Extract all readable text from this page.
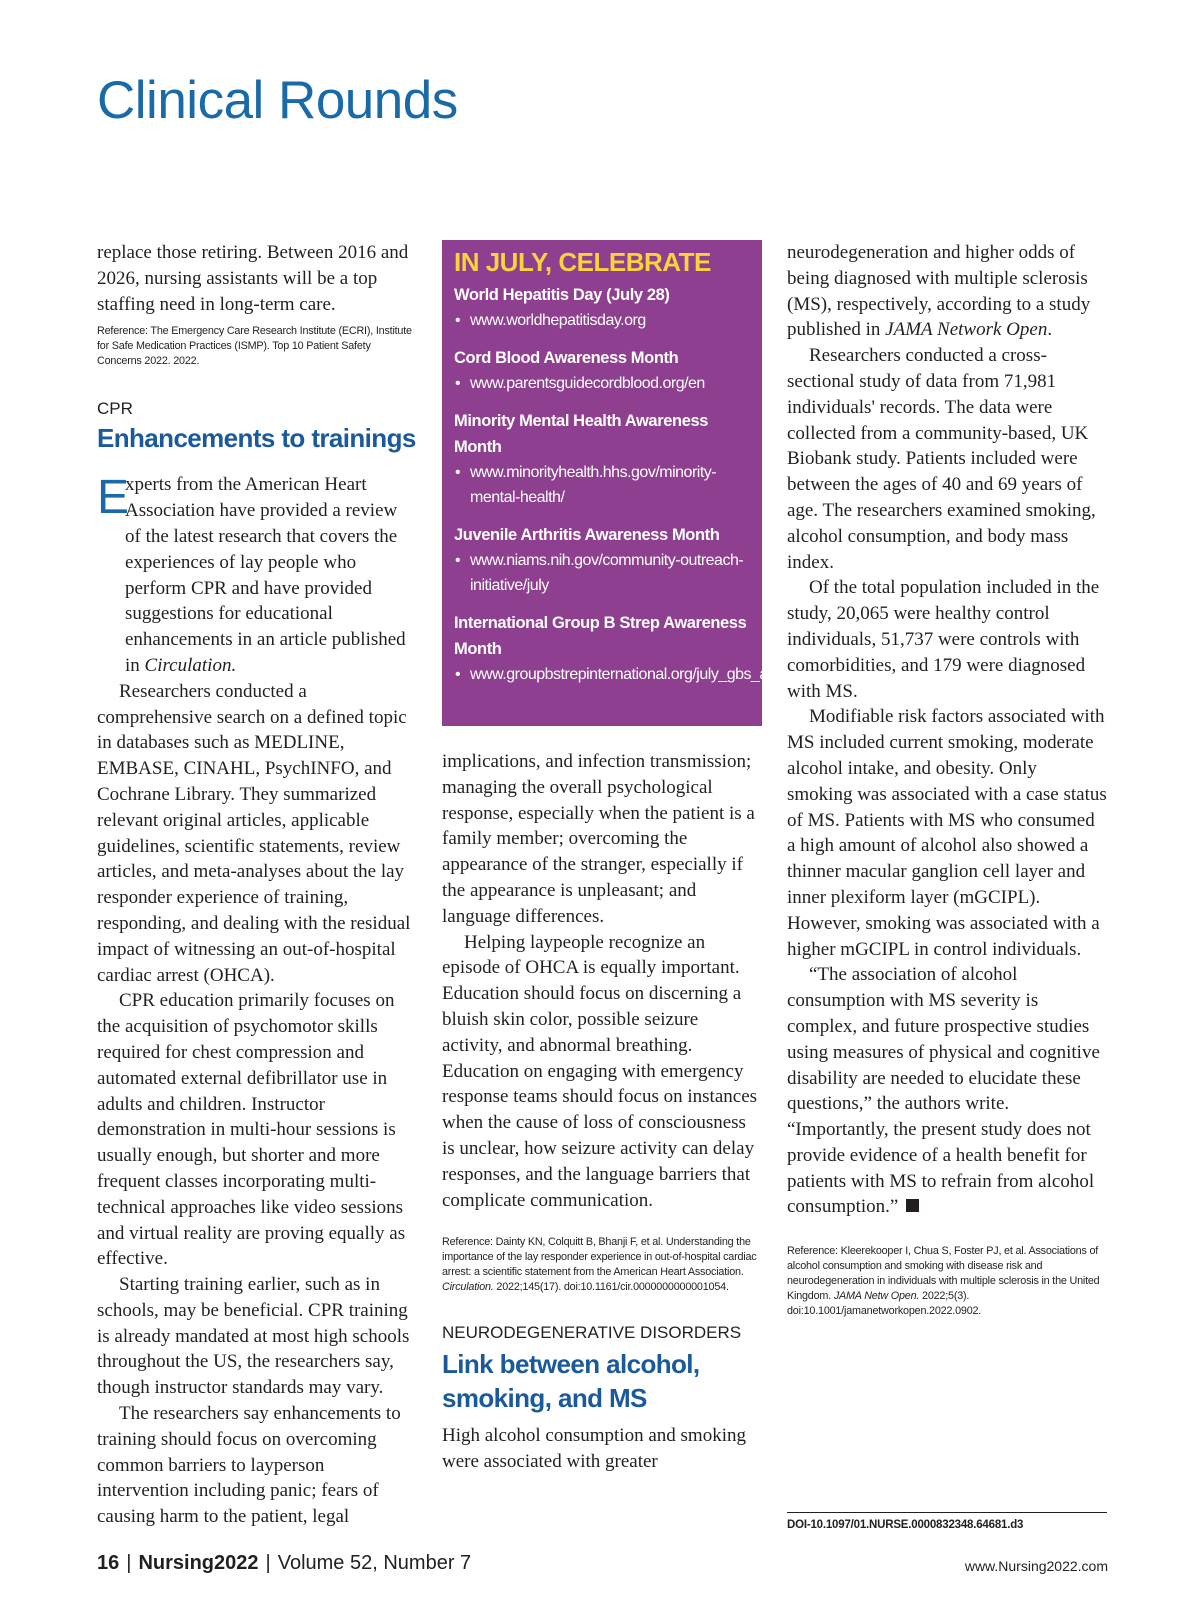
Clinical Rounds

replace those retiring. Between 2016 and 2026, nursing assistants will be a top staffing need in long-term care.

Reference: The Emergency Care Research Institute (ECRI), Institute for Safe Medication Practices (ISMP). Top 10 Patient Safety Concerns 2022. 2022.

CPR

Enhancements to trainings

E
xperts from the American Heart Association have provided a review of the latest research that covers the experiences of lay people who perform CPR and have provided suggestions for educational enhancements in an article published in Circulation.

Researchers conducted a comprehensive search on a defined topic in databases such as MEDLINE, EMBASE, CINAHL, PsychINFO, and Cochrane Library. They summarized relevant original articles, applicable guidelines, scientific statements, review articles, and meta-analyses about the lay responder experience of training, responding, and dealing with the residual impact of witnessing an out-of-hospital cardiac arrest (OHCA).

CPR education primarily focuses on the acquisition of psychomotor skills required for chest compression and automated external defibrillator use in adults and children. Instructor demonstration in multi-hour sessions is usually enough, but shorter and more frequent classes incorporating multi-technical approaches like video sessions and virtual reality are proving equally as effective.

Starting training earlier, such as in schools, may be beneficial. CPR training is already mandated at most high schools throughout the US, the researchers say, though instructor standards may vary.

The researchers say enhancements to training should focus on overcoming common barriers to layperson intervention including panic; fears of causing harm to the patient, legal

IN JULY, CELEBRATE

World Hepatitis Day (July 28)

• www.worldhepatitisday.org

Cord Blood Awareness Month

• www.parentsguidecordblood.org/en

Minority Mental Health Awareness Month

• www.minorityhealth.hhs.gov/minority-mental-health/

Juvenile Arthritis Awareness Month

• www.niams.nih.gov/community-outreach-initiative/july

International Group B Strep Awareness Month

• www.groupbstrepinternational.org/july_gbs_awareness_month.html

implications, and infection transmission; managing the overall psychological response, especially when the patient is a family member; overcoming the appearance of the stranger, especially if the appearance is unpleasant; and language differences.

Helping laypeople recognize an episode of OHCA is equally important. Education should focus on discerning a bluish skin color, possible seizure activity, and abnormal breathing. Education on engaging with emergency response teams should focus on instances when the cause of loss of consciousness is unclear, how seizure activity can delay responses, and the language barriers that complicate communication.

Reference: Dainty KN, Colquitt B, Bhanji F, et al. Understanding the importance of the lay responder experience in out-of-hospital cardiac arrest: a scientific statement from the American Heart Association. Circulation. 2022;145(17). doi:10.1161/cir.0000000000001054.

NEURODEGENERATIVE DISORDERS

Link between alcohol, smoking, and MS

High alcohol consumption and smoking were associated with greater

neurodegeneration and higher odds of being diagnosed with multiple sclerosis (MS), respectively, according to a study published in JAMA Network Open.

Researchers conducted a cross-sectional study of data from 71,981 individuals' records. The data were collected from a community-based, UK Biobank study. Patients included were between the ages of 40 and 69 years of age. The researchers examined smoking, alcohol consumption, and body mass index.

Of the total population included in the study, 20,065 were healthy control individuals, 51,737 were controls with comorbidities, and 179 were diagnosed with MS.

Modifiable risk factors associated with MS included current smoking, moderate alcohol intake, and obesity. Only smoking was associated with a case status of MS. Patients with MS who consumed a high amount of alcohol also showed a thinner macular ganglion cell layer and inner plexiform layer (mGCIPL). However, smoking was associated with a higher mGCIPL in control individuals.

“The association of alcohol consumption with MS severity is complex, and future prospective studies using measures of physical and cognitive disability are needed to elucidate these questions,” the authors write. “Importantly, the present study does not provide evidence of a health benefit for patients with MS to refrain from alcohol consumption.”

Reference: Kleerekooper I, Chua S, Foster PJ, et al. Associations of alcohol consumption and smoking with disease risk and neurodegeneration in individuals with multiple sclerosis in the United Kingdom. JAMA Netw Open. 2022;5(3). doi:10.1001/jamanetworkopen.2022.0902.

DOI-10.1097/01.NURSE.0000832348.64681.d3
16 | Nursing2022 | Volume 52, Number 7	www.Nursing2022.com
